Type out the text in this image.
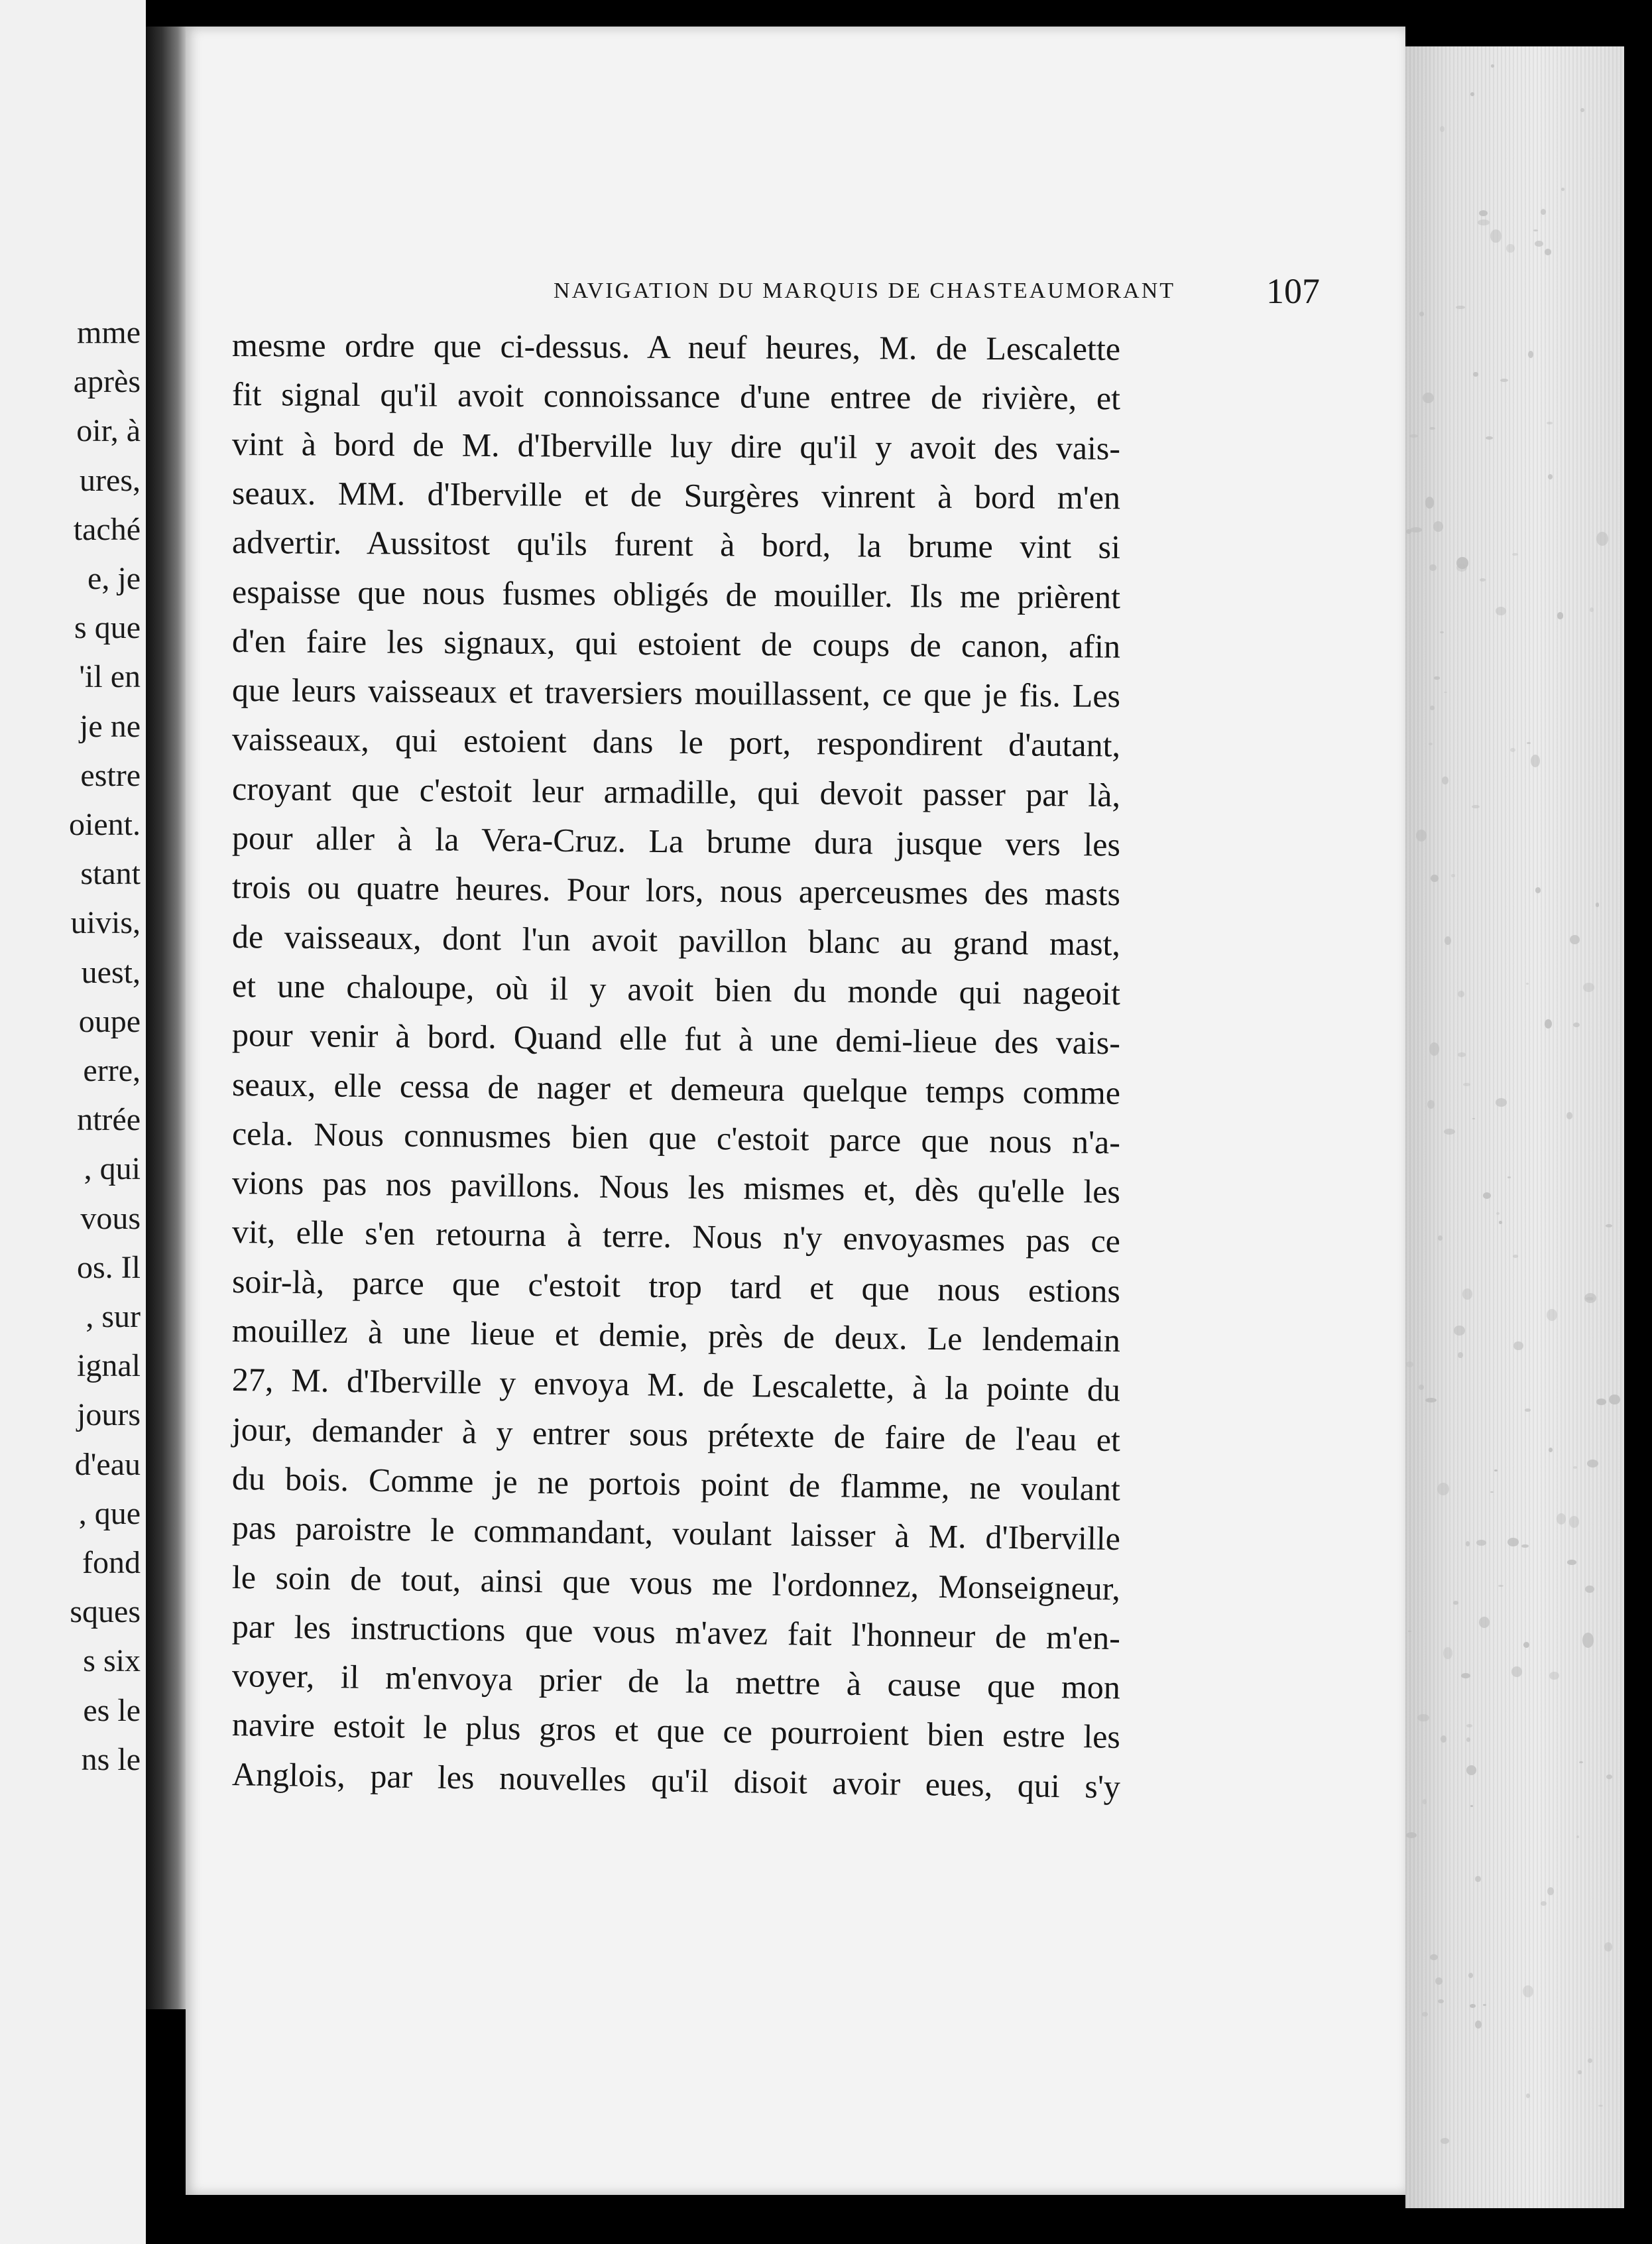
mme
après
oir, à
ures,
taché
e, je
s que
'il en
je ne
estre
oient.
stant
uivis,
uest,
oupe
erre,
ntrée
, qui
vous
os. Il
, sur
ignal
jours
d'eau
, que
fond
sques
s six
es le
ns le
NAVIGATION DU MARQUIS DE CHASTEAUMORANT	107
mesme ordre que ci-dessus. A neuf heures, M. de Lescalette
fit signal qu'il avoit connoissance d'une entree de rivière, et
vint à bord de M. d'Iberville luy dire qu'il y avoit des vais-
seaux. MM. d'Iberville et de Surgères vinrent à bord m'en
advertir. Aussitost qu'ils furent à bord, la brume vint si
espaisse que nous fusmes obligés de mouiller. Ils me prièrent
d'en faire les signaux, qui estoient de coups de canon, afin
que leurs vaisseaux et traversiers mouillassent, ce que je fis. Les
vaisseaux, qui estoient dans le port, respondirent d'autant,
croyant que c'estoit leur armadille, qui devoit passer par là,
pour aller à la Vera-Cruz. La brume dura jusque vers les
trois ou quatre heures. Pour lors, nous aperceusmes des masts
de vaisseaux, dont l'un avoit pavillon blanc au grand mast,
et une chaloupe, où il y avoit bien du monde qui nageoit
pour venir à bord. Quand elle fut à une demi-lieue des vais-
seaux, elle cessa de nager et demeura quelque temps comme
cela. Nous connusmes bien que c'estoit parce que nous n'a-
vions pas nos pavillons. Nous les mismes et, dès qu'elle les
vit, elle s'en retourna à terre. Nous n'y envoyasmes pas ce
soir-là, parce que c'estoit trop tard et que nous estions
mouillez à une lieue et demie, près de deux. Le lendemain
27, M. d'Iberville y envoya M. de Lescalette, à la pointe du
jour, demander à y entrer sous prétexte de faire de l'eau et
du bois. Comme je ne portois point de flamme, ne voulant
pas paroistre le commandant, voulant laisser à M. d'Iberville
le soin de tout, ainsi que vous me l'ordonnez, Monseigneur,
par les instructions que vous m'avez fait l'honneur de m'en-
voyer, il m'envoya prier de la mettre à cause que mon
navire estoit le plus gros et que ce pourroient bien estre les
Anglois, par les nouvelles qu'il disoit avoir eues, qui s'y
